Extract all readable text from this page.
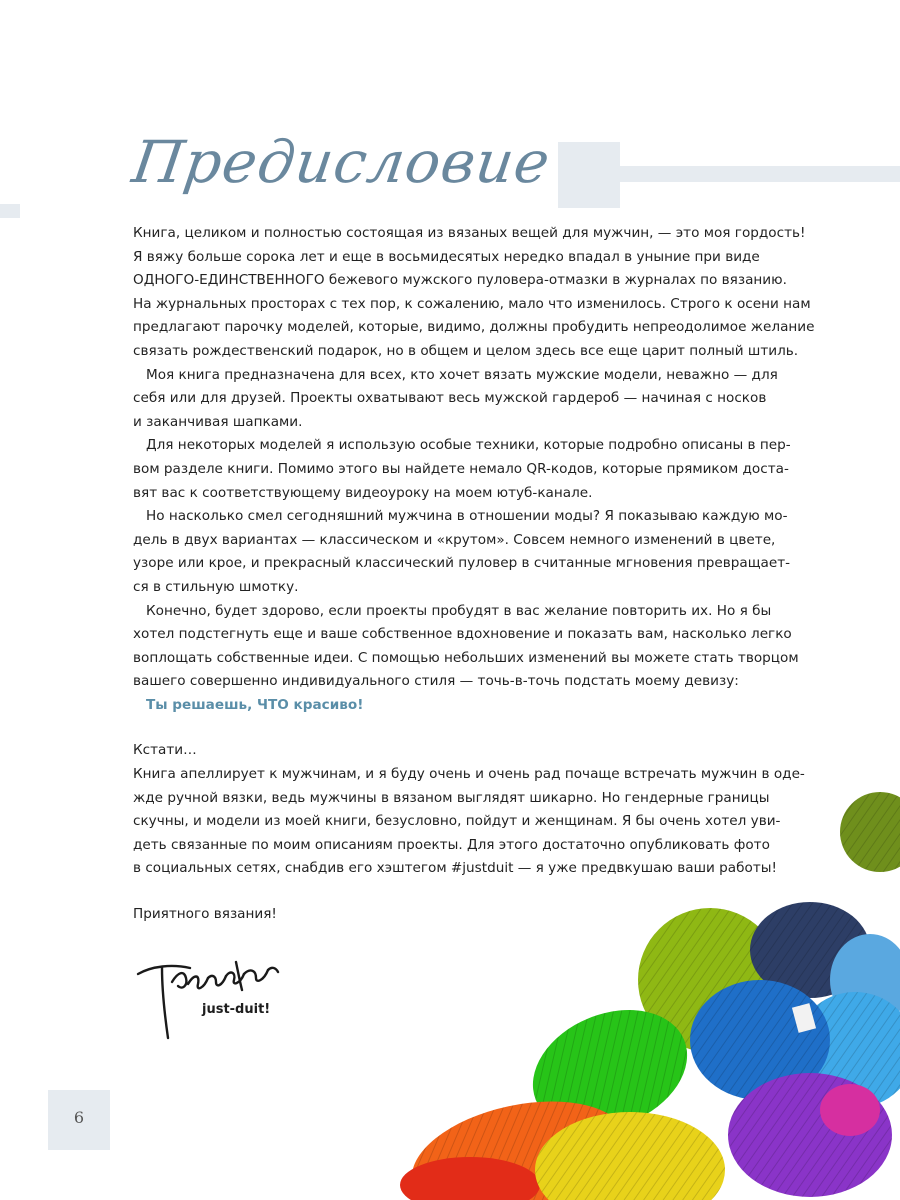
Предисловие
Книга, целиком и полностью состоящая из вязаных вещей для мужчин, — это моя гордость!
Я вяжу больше сорока лет и еще в восьмидесятых нередко впадал в уныние при виде
ОДНОГО-ЕДИНСТВЕННОГО бежевого мужского пуловера-отмазки в журналах по вязанию.
На журнальных просторах с тех пор, к сожалению, мало что изменилось. Строго к осени нам
предлагают парочку моделей, которые, видимо, должны пробудить непреодолимое желание
связать рождественский подарок, но в общем и целом здесь все еще царит полный штиль.
Моя книга предназначена для всех, кто хочет вязать мужские модели, неважно — для
себя или для друзей. Проекты охватывают весь мужской гардероб — начиная с носков
и заканчивая шапками.
Для некоторых моделей я использую особые техники, которые подробно описаны в пер-
вом разделе книги. Помимо этого вы найдете немало QR-кодов, которые прямиком доста-
вят вас к соответствующему видеоуроку на моем ютуб-канале.
Но насколько смел сегодняшний мужчина в отношении моды? Я показываю каждую мо-
дель в двух вариантах — классическом и «крутом». Совсем немного изменений в цвете,
узоре или крое, и прекрасный классический пуловер в считанные мгновения превращает-
ся в стильную шмотку.
Конечно, будет здорово, если проекты пробудят в вас желание повторить их. Но я бы
хотел подстегнуть еще и ваше собственное вдохновение и показать вам, насколько легко
воплощать собственные идеи. С помощью небольших изменений вы можете стать творцом
вашего совершенно индивидуального стиля — точь-в-точь подстать моему девизу:
Ты решаешь, ЧТО красиво!
Кстати…
Книга апеллирует к мужчинам, и я буду очень и очень рад почаще встречать мужчин в оде-
жде ручной вязки, ведь мужчины в вязаном выглядят шикарно. Но гендерные границы
скучны, и модели из моей книги, безусловно, пойдут и женщинам. Я бы очень хотел уви-
деть связанные по моим описаниям проекты. Для этого достаточно опубликовать фото
в социальных сетях, снабдив его хэштегом #justduit — я уже предвкушаю ваши работы!
Приятного вязания!
just-duit!
6
